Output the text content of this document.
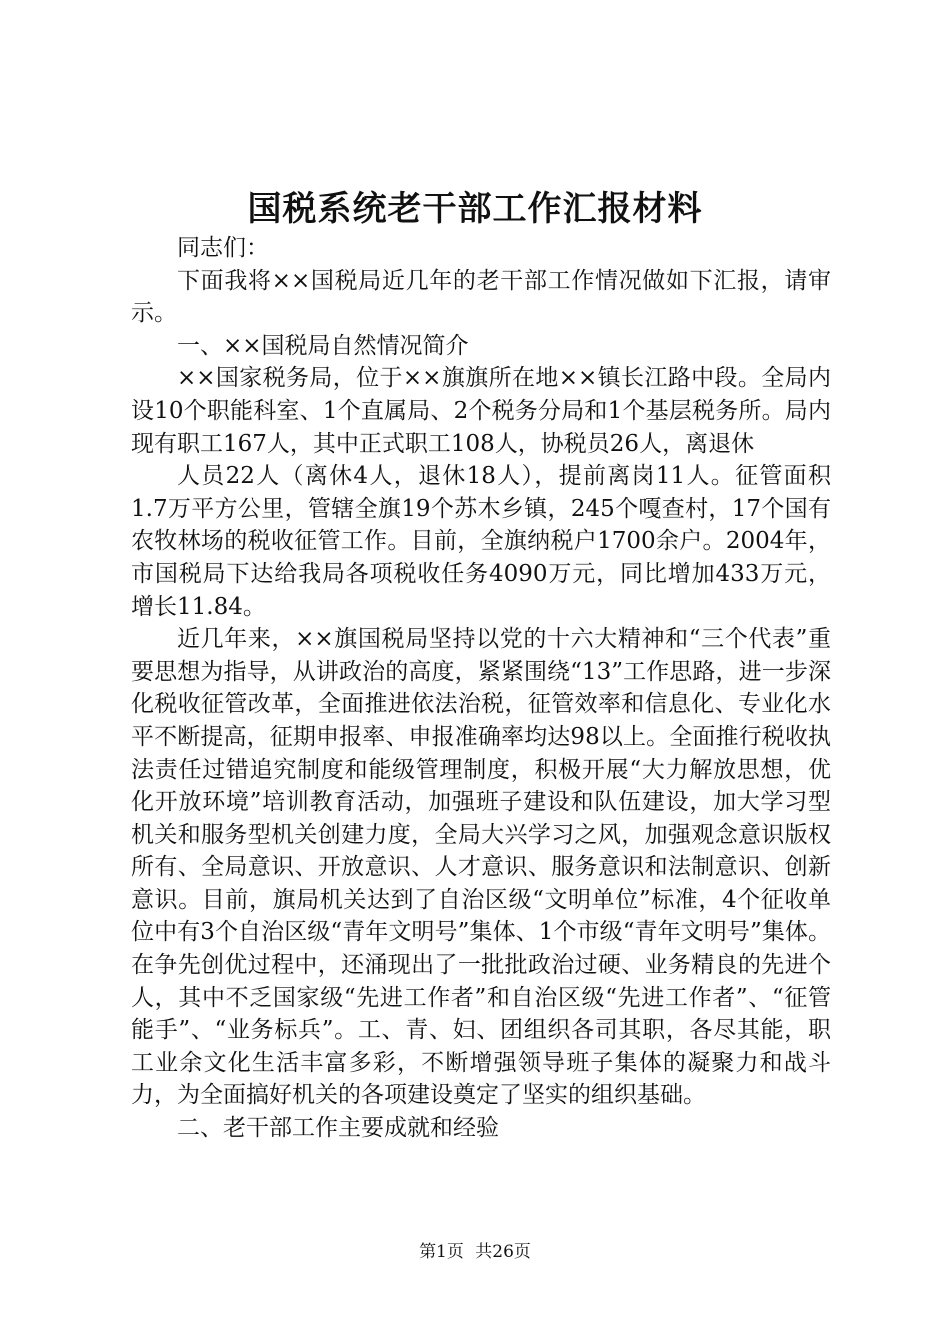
国税系统老干部工作汇报材料

同志们：

下面我将××国税局近几年的老干部工作情况做如下汇报，请审示。

一、××国税局自然情况简介

××国家税务局，位于××旗旗所在地××镇长江路中段。全局内设10个职能科室、1个直属局、2个税务分局和1个基层税务所。局内现有职工167人，其中正式职工108人，协税员26人，离退休

人员22人（离休4人，退休18人），提前离岗11人。征管面积1.7万平方公里，管辖全旗19个苏木乡镇，245个嘎查村，17个国有农牧林场的税收征管工作。目前，全旗纳税户1700余户。2004年，市国税局下达给我局各项税收任务4090万元，同比增加433万元，增长11.84。

近几年来，××旗国税局坚持以党的十六大精神和“三个代表”重要思想为指导，从讲政治的高度，紧紧围绕“13”工作思路，进一步深化税收征管改革，全面推进依法治税，征管效率和信息化、专业化水平不断提高，征期申报率、申报准确率均达98以上。全面推行税收执法责任过错追究制度和能级管理制度，积极开展“大力解放思想，优化开放环境”培训教育活动，加强班子建设和队伍建设，加大学习型机关和服务型机关创建力度，全局大兴学习之风，加强观念意识版权所有、全局意识、开放意识、人才意识、服务意识和法制意识、创新意识。目前，旗局机关达到了自治区级“文明单位”标准，4个征收单位中有3个自治区级“青年文明号”集体、1个市级“青年文明号”集体。在争先创优过程中，还涌现出了一批批政治过硬、业务精良的先进个人，其中不乏国家级“先进工作者”和自治区级“先进工作者”、“征管能手”、“业务标兵”。工、青、妇、团组织各司其职，各尽其能，职工业余文化生活丰富多彩，不断增强领导班子集体的凝聚力和战斗力，为全面搞好机关的各项建设奠定了坚实的组织基础。

二、老干部工作主要成就和经验

第1页 共26页
